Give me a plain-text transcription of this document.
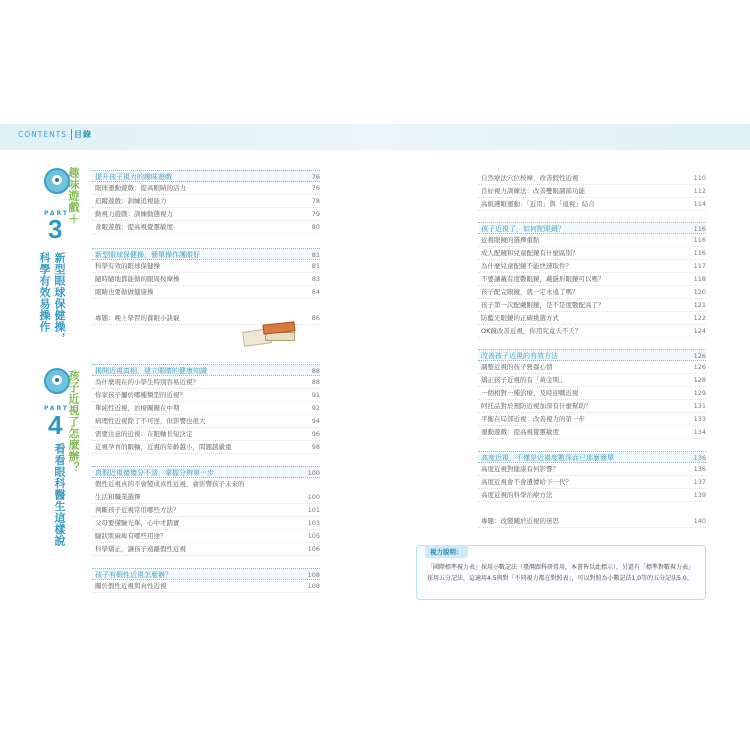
CONTENTS 目錄
PART
3
趣味遊戲＋
新型眼球保健操，
科學有效易操作
PART
4 孩子近視了怎麼辦？
看看眼科醫生這樣說
提升孩子視力的趣味遊戲	76
眼球運動遊戲：提高眼睛的活力	76
追蹤遊戲：訓練追視能力	78
動視力遊戲：訓練動態視力	79
食眠遊戲：提高視覺靈敏度	80
新型眼球保健操，簡單操作護眼好	81
科學有效的眼球保健操	81
隨時隨地都能做的眼周按摩操	83
眼睛也要做做健康操	84
專題：晚上學習的養眼小訣竅	86
揭開近視真相，建立眼睛的健康知識	88
為什麼現在的小學生特別容易近視？	88
你家孩子屬於哪種類型的近視？	91
單純性近視，治療關鍵在中期	92
病理性近視除了不可逆，但影響也很大	94
需要注意的近視：在眼軸長短決定	96
近視孕育的眼軸，近視的年齡越小，問題越嚴重	98
真假近視傻傻分不清，掌握分辨第一步	100
假性近視真的不會變成真性近視，會影響孩子未來的
生活和職業選擇	100
判斷孩子近視常用哪些方法？	101
父母要懂驗光單，心中才踏實	103
睫狀肌麻痺有哪些用途？	105
科學矯正，讓孩子遠離假性近視	106
孩子有假性近視怎麼辦？	108
關於假性近視與真性近視	108
自然療法穴位按摩，改善假性近視	110
良好視力訓練法：改善雙眼調節功能	112
高級護眼運動：「近用」與「遠視」結合	114
孩子近視了，如何配眼鏡？	116
近視眼鏡的選擇重點	116
成人配鏡和兒童配鏡有什麼區別？	116
為什麼兒童配鏡不能快速取件？	117
不要讓戴有度數眼鏡，戴隱形眼鏡可以嗎？	118
孩子配完眼鏡，就一定永遠了嗎？	120
孩子第一次配戴眼鏡，是不是度數配高了？	121
防藍光眼鏡的正確挑選方式	122
OK鏡改善近視，你用究竟夭不夭？	124
改善孩子近視的有效方法	126
調整近視的孩子營養心情	126
矯正孩子近視的有「黃金期」	128
一個相對一種治療，及時迎戰近視	129
阿托品對於預防近視加深有什麼幫助？	131
平衡在局部近視：改善視力的第一步	133
運動遊戲：提高視覺靈敏度	134
高度近視，不僅是近視度數深而已那麼簡單	136
高度近視對健康有何影響？	136
高度近視會不會遺傳給下一代？	137
高度近視的科學治療方法	139
專題：改變關於近視的迷思	140
視力說明：
「國際標準視力表」採用小數記法（臺灣跟科研常用，本書皆以此標示），另還有「標準對數視力表」採用五分記法，這適用4.5與對「不同視力都在對照表」，可以對照為小數記法1.0等的五分記法5.0。
